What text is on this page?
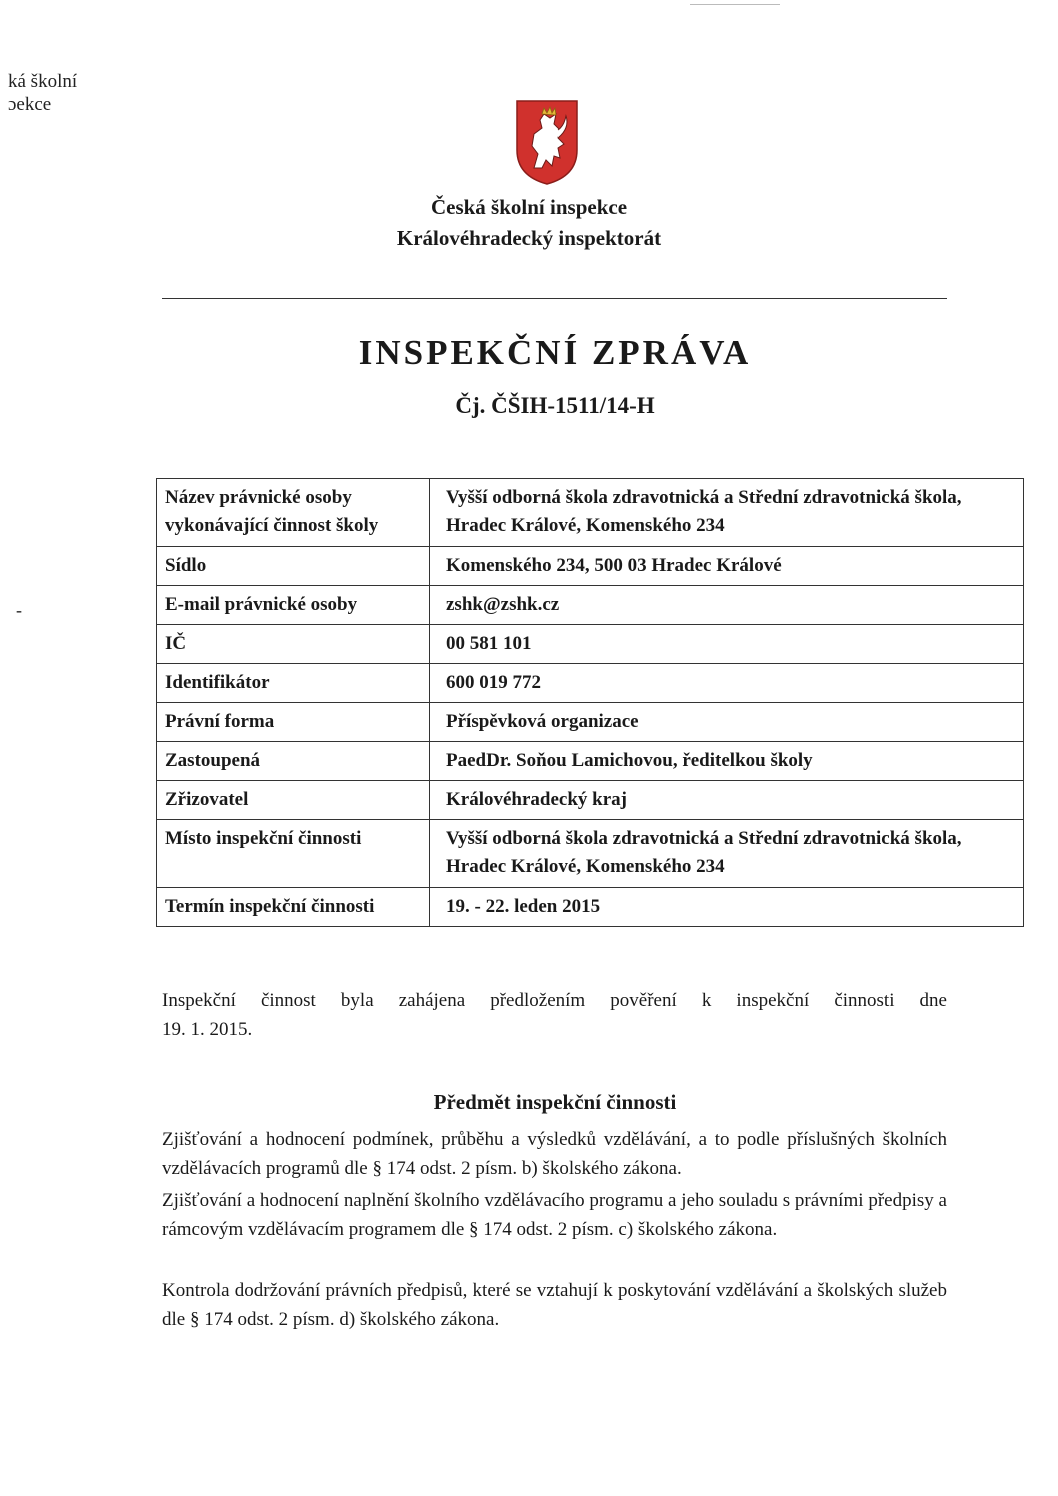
ká školní
ɔekce
Česká školní inspekce
Královéhradecký inspektorát
INSPEKČNÍ ZPRÁVA
Čj. ČŠIH-1511/14-H
-
Název právnické osoby vykonávající činnost školy	Vyšší odborná škola zdravotnická a Střední zdravotnická škola, Hradec Králové, Komenského 234
Sídlo	Komenského 234, 500 03 Hradec Králové
E-mail právnické osoby	zshk@zshk.cz
IČ	00 581 101
Identifikátor	600 019 772
Právní forma	Příspěvková organizace
Zastoupená	PaedDr. Soňou Lamichovou, ředitelkou školy
Zřizovatel	Královéhradecký kraj
Místo inspekční činnosti	Vyšší odborná škola zdravotnická a Střední zdravotnická škola, Hradec Králové, Komenského 234
Termín inspekční činnosti	19. - 22. leden 2015
Inspekční činnost byla zahájena předložením pověření k inspekční činnosti dne
19. 1. 2015.
Předmět inspekční činnosti
Zjišťování a hodnocení podmínek, průběhu a výsledků vzdělávání, a to podle příslušných školních vzdělávacích programů dle § 174 odst. 2 písm. b) školského zákona.
Zjišťování a hodnocení naplnění školního vzdělávacího programu a jeho souladu s právními předpisy a rámcovým vzdělávacím programem dle § 174 odst. 2 písm. c) školského zákona.
Kontrola dodržování právních předpisů, které se vztahují k poskytování vzdělávání a školských služeb dle § 174 odst. 2 písm. d) školského zákona.
